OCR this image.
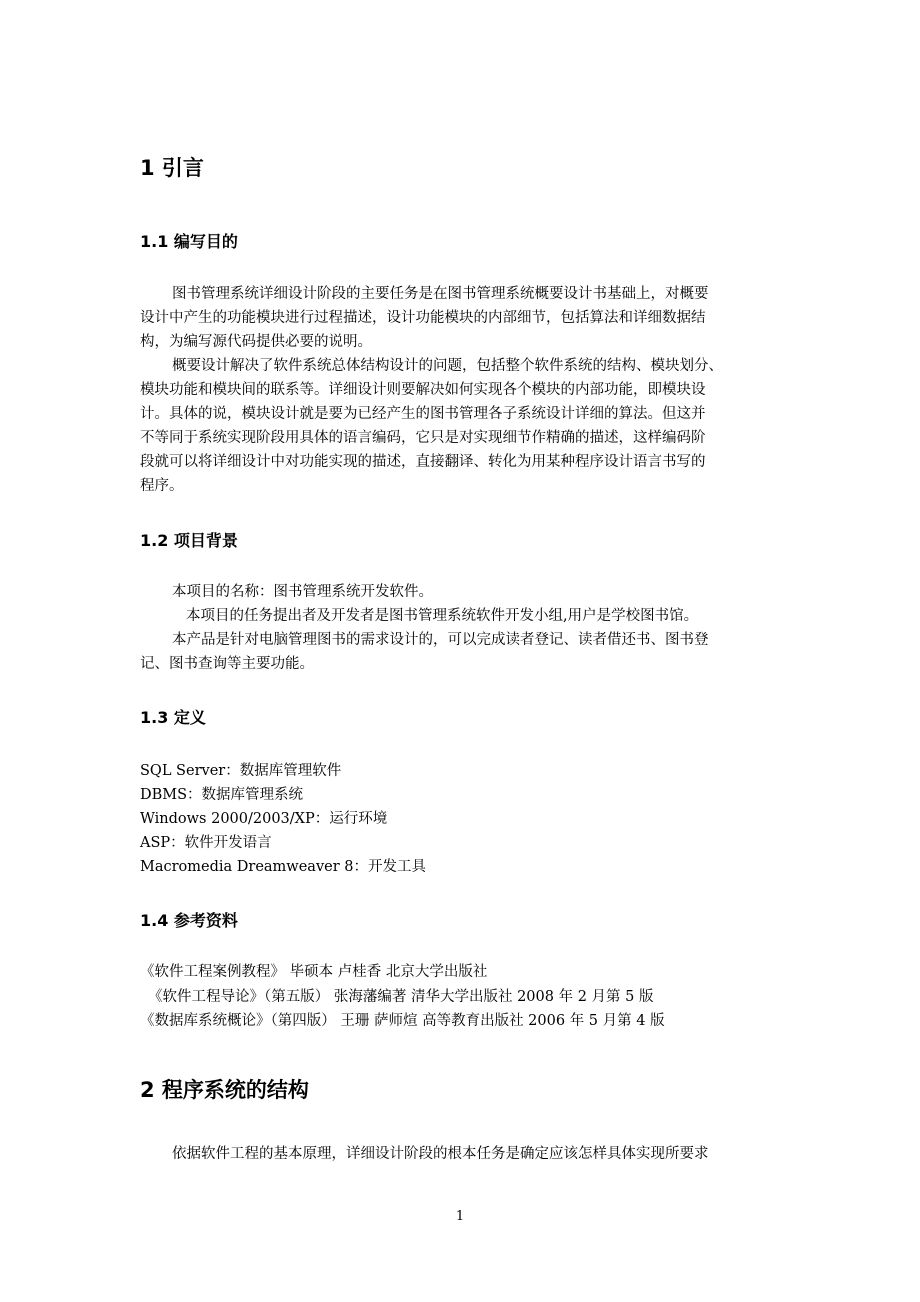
1 引言
1.1 编写目的
图书管理系统详细设计阶段的主要任务是在图书管理系统概要设计书基础上，对概要
设计中产生的功能模块进行过程描述，设计功能模块的内部细节，包括算法和详细数据结
构，为编写源代码提供必要的说明。
概要设计解决了软件系统总体结构设计的问题，包括整个软件系统的结构、模块划分、
模块功能和模块间的联系等。详细设计则要解决如何实现各个模块的内部功能，即模块设
计。具体的说，模块设计就是要为已经产生的图书管理各子系统设计详细的算法。但这并
不等同于系统实现阶段用具体的语言编码，它只是对实现细节作精确的描述，这样编码阶
段就可以将详细设计中对功能实现的描述，直接翻译、转化为用某种程序设计语言书写的
程序。
1.2 项目背景
本项目的名称：图书管理系统开发软件。
本项目的任务提出者及开发者是图书管理系统软件开发小组,用户是学校图书馆。
本产品是针对电脑管理图书的需求设计的，可以完成读者登记、读者借还书、图书登
记、图书查询等主要功能。
1.3 定义
SQL Server：数据库管理软件
DBMS：数据库管理系统
Windows 2000/2003/XP：运行环境
ASP：软件开发语言
Macromedia Dreamweaver 8：开发工具
1.4 参考资料
《软件工程案例教程》 毕硕本 卢桂香 北京大学出版社
《软件工程导论》（第五版） 张海藩编著 清华大学出版社 2008 年 2 月第 5 版
《数据库系统概论》（第四版） 王珊 萨师煊 高等教育出版社 2006 年 5 月第 4 版
2 程序系统的结构
依据软件工程的基本原理，详细设计阶段的根本任务是确定应该怎样具体实现所要求
1
